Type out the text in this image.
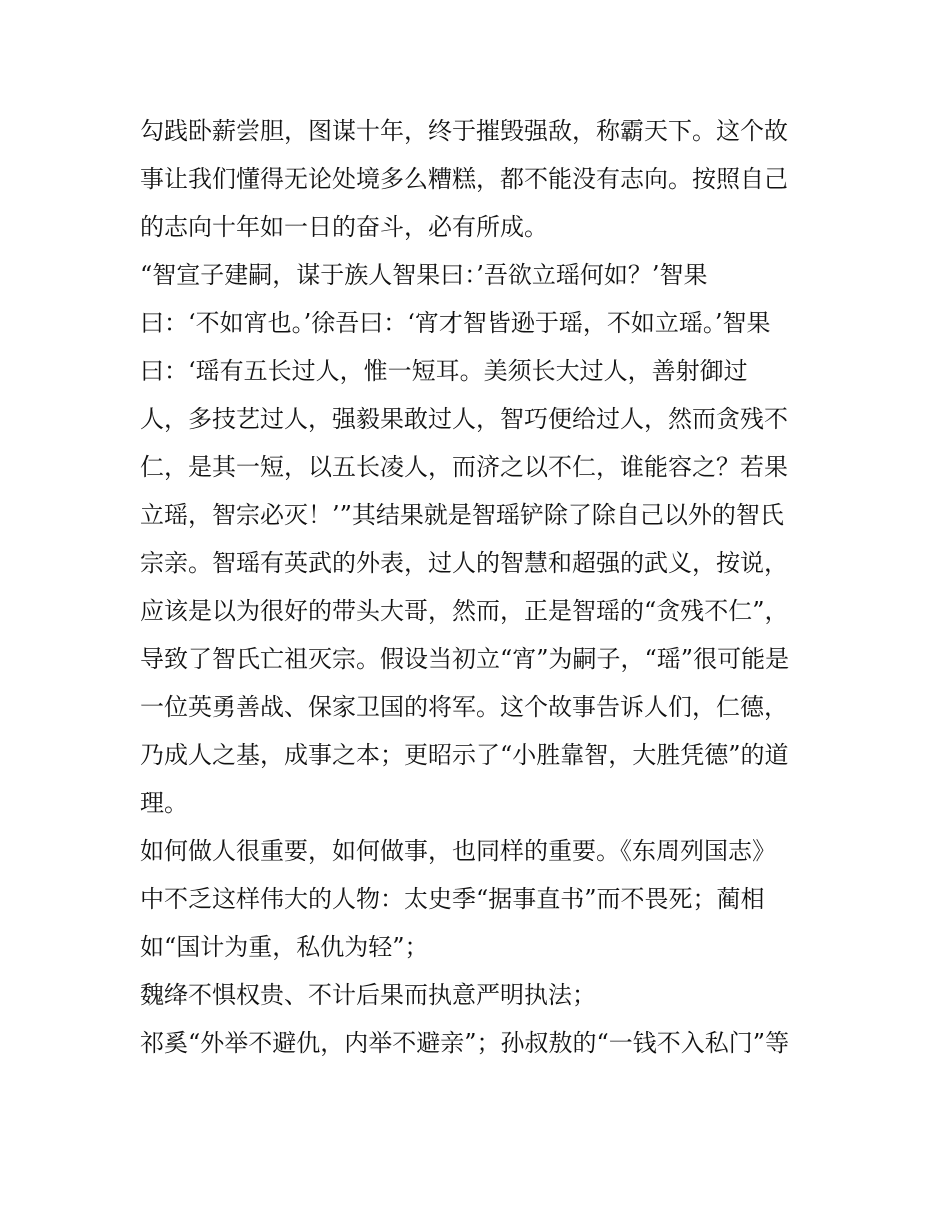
勾践卧薪尝胆，图谋十年，终于摧毁强敌，称霸天下。这个故
事让我们懂得无论处境多么糟糕，都不能没有志向。按照自己
的志向十年如一日的奋斗，必有所成。
“智宣子建嗣，谋于族人智果曰：’吾欲立瑶何如？’智果
曰：‘不如宵也。’徐吾曰：‘宵才智皆逊于瑶，不如立瑶。’智果
曰：‘瑶有五长过人，惟一短耳。美须长大过人，善射御过
人，多技艺过人，强毅果敢过人，智巧便给过人，然而贪残不
仁，是其一短，以五长凌人，而济之以不仁，谁能容之？若果
立瑶，智宗必灭！’”其结果就是智瑶铲除了除自己以外的智氏
宗亲。智瑶有英武的外表，过人的智慧和超强的武义，按说，
应该是以为很好的带头大哥，然而，正是智瑶的“贪残不仁”，
导致了智氏亡祖灭宗。假设当初立“宵”为嗣子，“瑶”很可能是
一位英勇善战、保家卫国的将军。这个故事告诉人们，仁德，
乃成人之基，成事之本；更昭示了“小胜靠智，大胜凭德”的道
理。
如何做人很重要，如何做事，也同样的重要。《东周列国志》
中不乏这样伟大的人物：太史季“据事直书”而不畏死；蔺相
如“国计为重，私仇为轻”；
魏绛不惧权贵、不计后果而执意严明执法；
祁奚“外举不避仇，内举不避亲”；孙叔敖的“一钱不入私门”等
